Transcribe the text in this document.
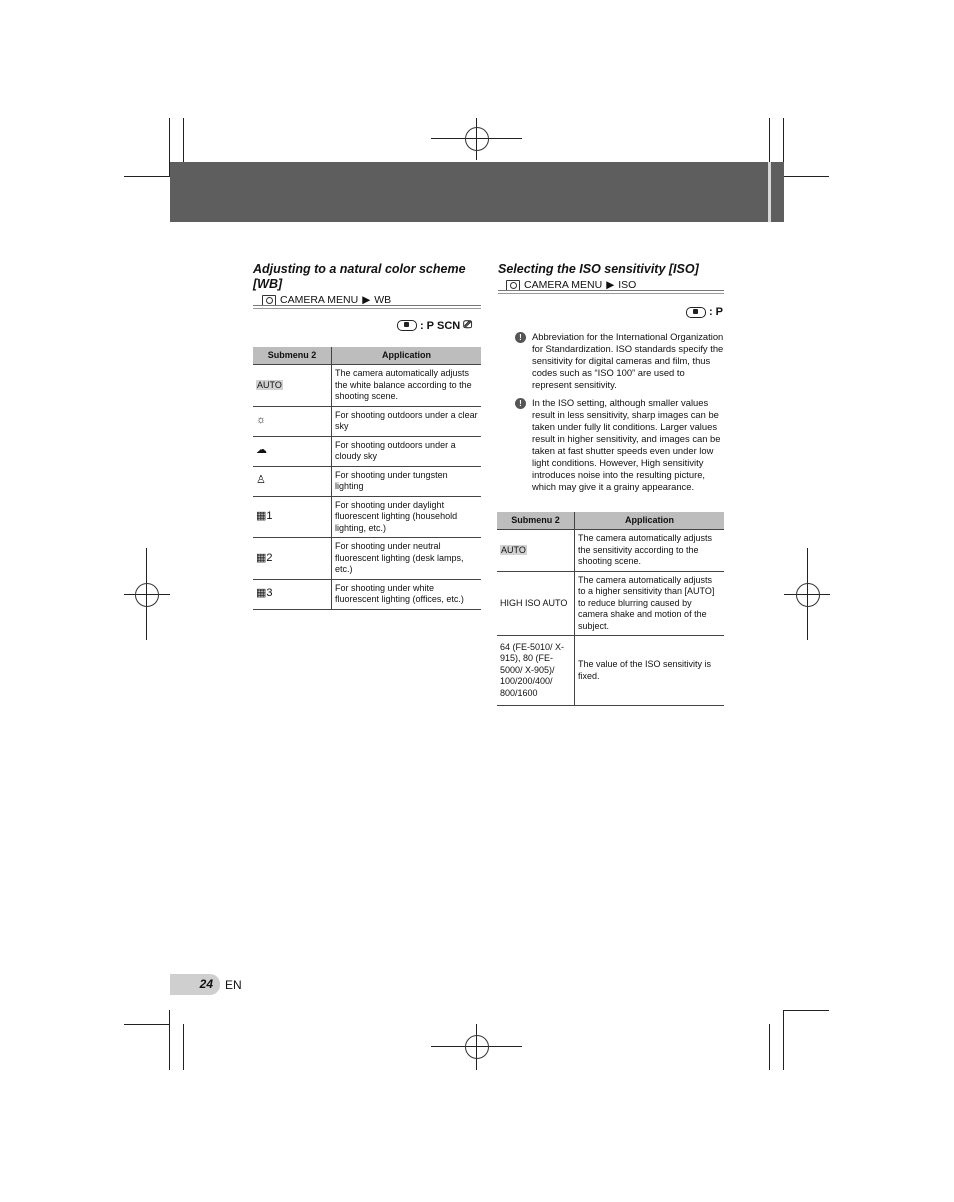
Adjusting to a natural color scheme [WB]
CAMERA MENU ▶ WB
: P SCN ⎚
Submenu 2	Application
AUTO	The camera automatically adjusts the white balance according to the shooting scene.
☼	For shooting outdoors under a clear sky
☁	For shooting outdoors under a cloudy sky
♙	For shooting under tungsten lighting
▦1	For shooting under daylight fluorescent lighting (household lighting, etc.)
▦2	For shooting under neutral fluorescent lighting (desk lamps, etc.)
▦3	For shooting under white fluorescent lighting (offices, etc.)
Selecting the ISO sensitivity [ISO]
CAMERA MENU ▶ ISO
: P
!	Abbreviation for the International Organization for Standardization. ISO standards specify the sensitivity for digital cameras and film, thus codes such as “ISO 100” are used to represent sensitivity.
!	In the ISO setting, although smaller values result in less sensitivity, sharp images can be taken under fully lit conditions. Larger values result in higher sensitivity, and images can be taken at fast shutter speeds even under low light conditions. However, High sensitivity introduces noise into the resulting picture, which may give it a grainy appearance.
Submenu 2	Application
AUTO	The camera automatically adjusts the sensitivity according to the shooting scene.
HIGH ISO AUTO	The camera automatically adjusts to a higher sensitivity than [AUTO] to reduce blurring caused by camera shake and motion of the subject.
64 (FE-5010/ X-915), 80 (FE-5000/ X-905)/ 100/200/400/ 800/1600	The value of the ISO sensitivity is fixed.
24	EN
